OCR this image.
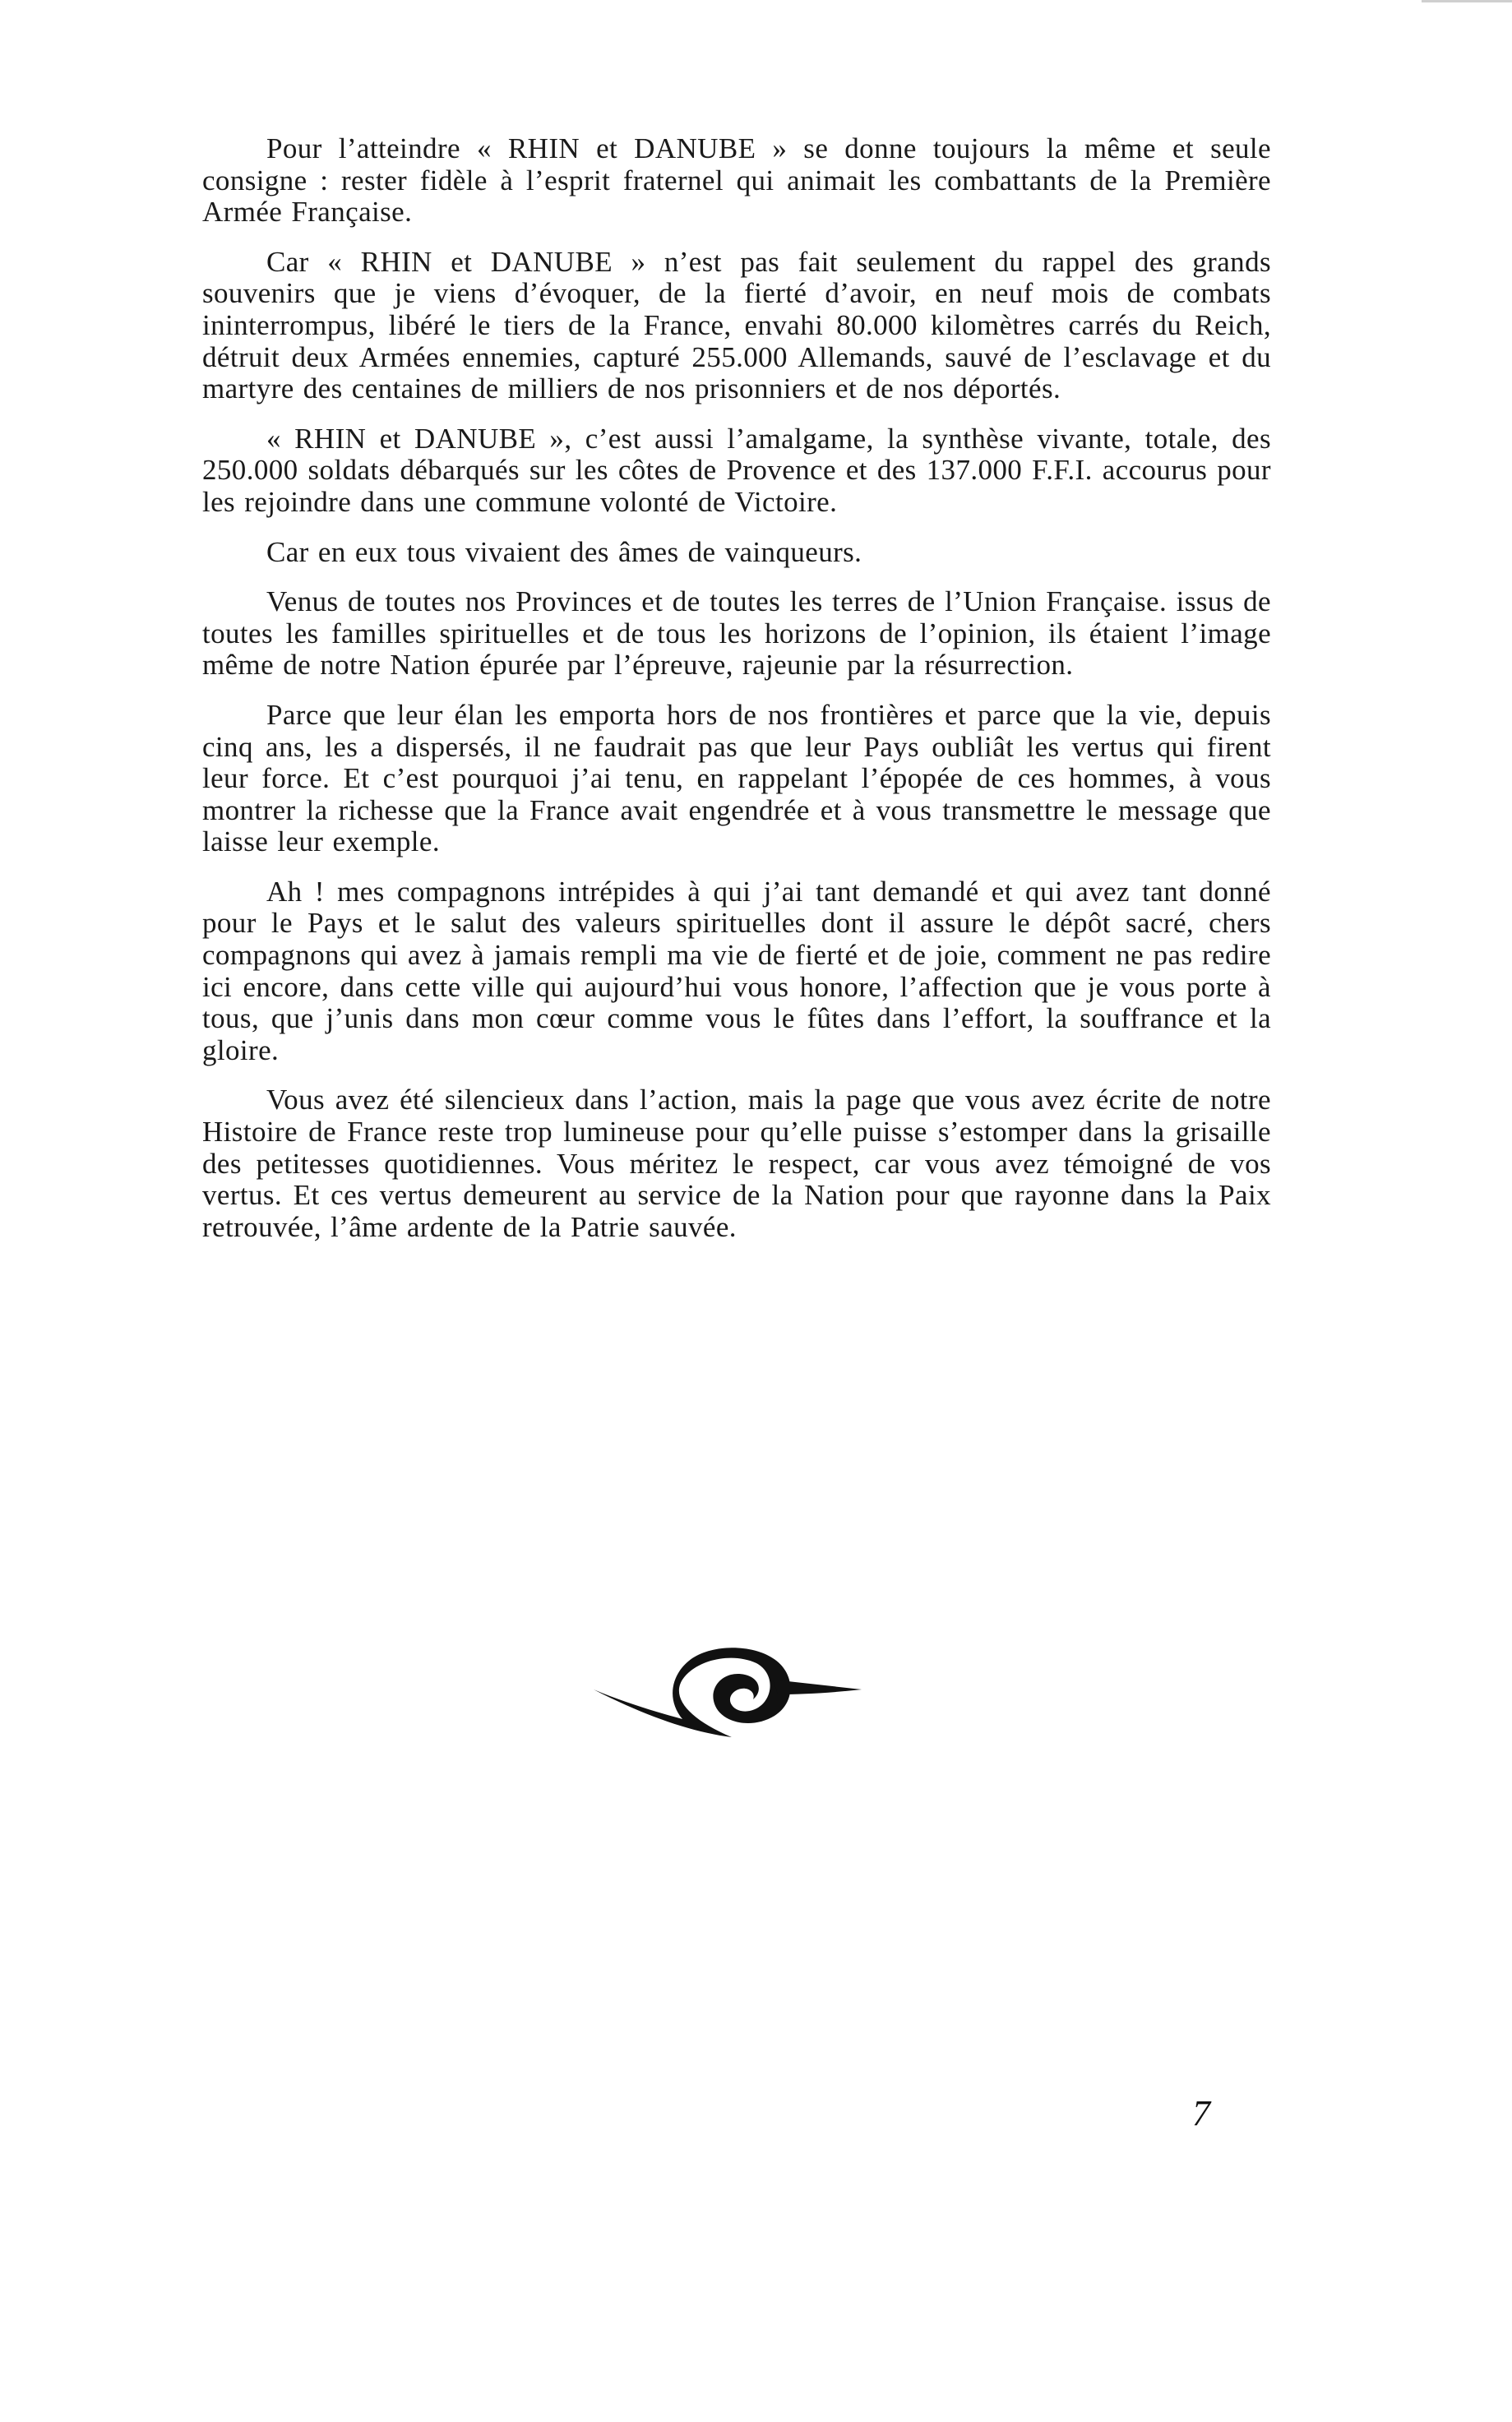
Pour l’atteindre « RHIN et DANUBE » se donne toujours la même et seule consigne : rester fidèle à l’esprit fraternel qui animait les combattants de la Première Armée Française.

Car « RHIN et DANUBE » n’est pas fait seulement du rappel des grands souvenirs que je viens d’évoquer, de la fierté d’avoir, en neuf mois de combats ininterrompus, libéré le tiers de la France, envahi 80.000 kilomètres carrés du Reich, détruit deux Armées ennemies, capturé 255.000 Allemands, sauvé de l’esclavage et du martyre des centaines de milliers de nos prisonniers et de nos déportés.

« RHIN et DANUBE », c’est aussi l’amalgame, la synthèse vivante, totale, des 250.000 soldats débarqués sur les côtes de Provence et des 137.000 F.F.I. accourus pour les rejoindre dans une commune volonté de Victoire.

Car en eux tous vivaient des âmes de vainqueurs.

Venus de toutes nos Provinces et de toutes les terres de l’Union Française. issus de toutes les familles spirituelles et de tous les horizons de l’opinion, ils étaient l’image même de notre Nation épurée par l’épreuve, rajeunie par la résurrection.

Parce que leur élan les emporta hors de nos frontières et parce que la vie, depuis cinq ans, les a dispersés, il ne faudrait pas que leur Pays oubliât les vertus qui firent leur force. Et c’est pourquoi j’ai tenu, en rappelant l’épopée de ces hommes, à vous montrer la richesse que la France avait engendrée et à vous transmettre le message que laisse leur exemple.

Ah ! mes compagnons intrépides à qui j’ai tant demandé et qui avez tant donné pour le Pays et le salut des valeurs spirituelles dont il assure le dépôt sacré, chers compagnons qui avez à jamais rempli ma vie de fierté et de joie, comment ne pas redire ici encore, dans cette ville qui aujourd’hui vous honore, l’affection que je vous porte à tous, que j’unis dans mon cœur comme vous le fûtes dans l’effort, la souffrance et la gloire.

Vous avez été silencieux dans l’action, mais la page que vous avez écrite de notre Histoire de France reste trop lumineuse pour qu’elle puisse s’estomper dans la grisaille des petitesses quotidiennes. Vous méritez le respect, car vous avez témoigné de vos vertus. Et ces vertus demeurent au service de la Nation pour que rayonne dans la Paix retrouvée, l’âme ardente de la Patrie sauvée.

7
